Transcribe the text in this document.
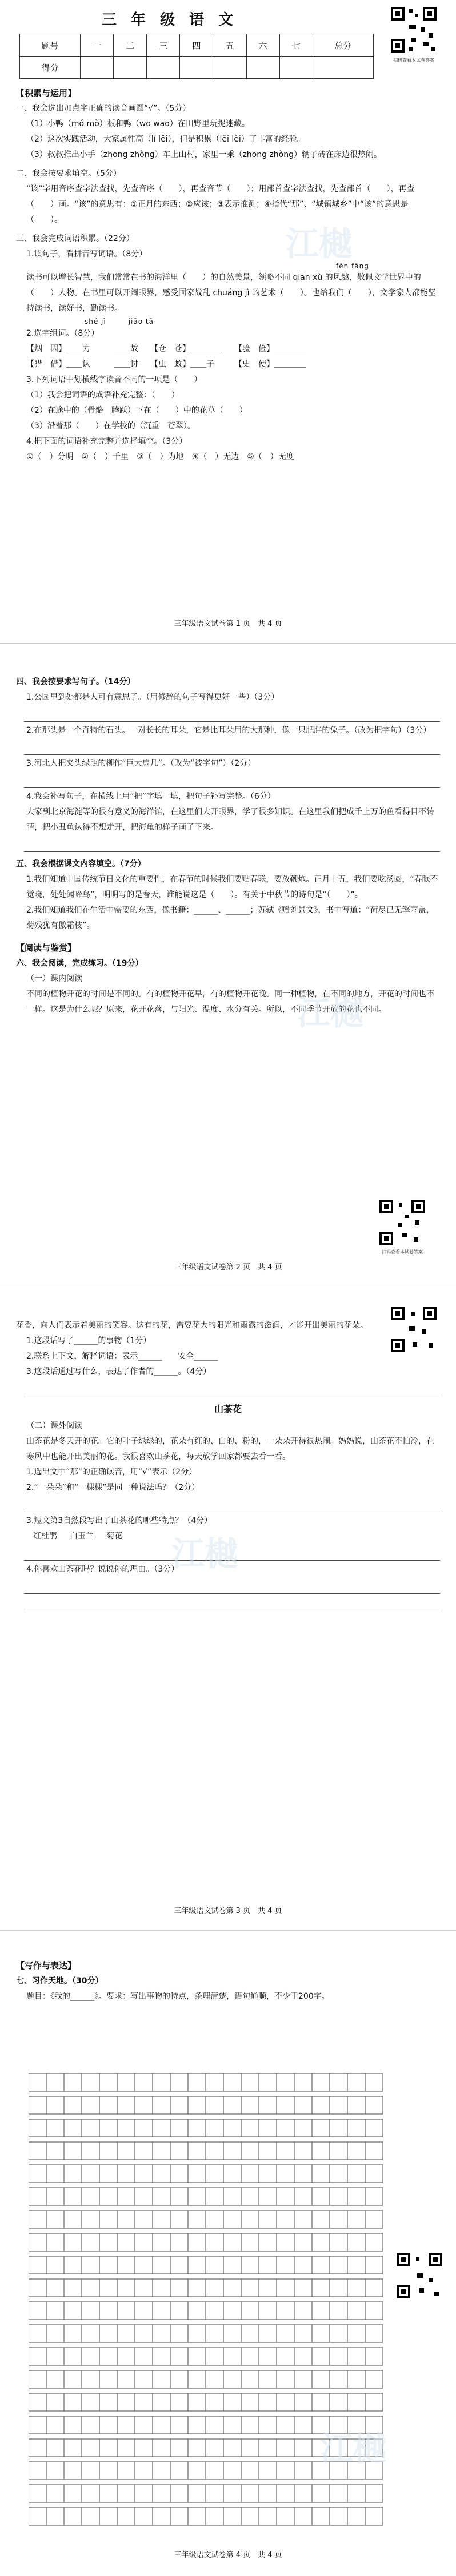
三 年 级 语 文
扫码查看本试卷答案
题号	一	二	三	四	五	六	七	总分
得分								
江樾
【积累与运用】

一、我会选出加点字正确的读音画圈“√”。（5分）

（1）小鸭（mó mò）板和鸭（wō wāo）在田野里玩捉迷藏。

（2）这次实践活动，大家属性高（lí lěi），但是积累（lěi lèi）了丰富的经验。

（3）叔叔推出小手（zhōng zhòng）车上山村，家里一乘（zhōng zhòng）辆子砖在床边很热闹。

二、我会按要求填空。（5分）

“该”字用音序查字法查找，先查音序（　　），再查音节（　　）；用部首查字法查找，先查部首（　　），再查（　　）画。“该”的意思有：①正月的东西；②应该；③表示推测；④指代“那”、“城镇城乡”中“该”的意思是（　　）。

三、我会完成词语积累。（22分）

1.读句子，看拼音写词语。（8分）

fēn fāng

读书可以增长智慧，我们常常在书的海洋里（　　）的自然美景，领略不同 qiān xù 的风趣，敬佩文学世界中的（　　）人物。在书里可以开阔眼界，感受国家战乱 chuáng jì 的艺术（　　）。也给我们（　　），文学家人都能坚持读书，读好书，勤读书。

shé jì　　　jiǎo tā

2.选字组词。（8分）

【烟　因】＿＿力　　　＿＿故　　【仓　苍】＿＿＿＿　　【验　俭】＿＿＿＿

【猎　借】＿＿认　　　＿＿讨　　【虫　蚊】＿＿子　　　【史　使】＿＿＿＿

3.下列词语中划横线字读音不同的一项是（　　）

（1）我会把词语的成语补充完整：（　　）

（2）在途中的（骨骼　腾跃）下在（　　）中的花草（　　）

（3）沿着那（　　）在学校的（沉重　苍翠）。

4.把下面的词语补充完整并选择填空。（3分）

①（　）分明　②（　）千里　③（　）为地　④（　）无边　⑤（　）无度

三年级语文试卷第 1 页　共 4 页

四、我会按要求写句子。（14分）

1.公园里到处都是人可有意思了。（用修辞的句子写得更好一些）（3分）

2.在那头是一个奇特的石头。一对长长的耳朵，它是比耳朵用的大那种，像一只肥胖的兔子。（改为把字句）（3分）

3.河北人把夹头绿照的柳作“巨大扇几”。（改为“被字句”）（2分）

4.我会补写句子，在横线上用“把”字填一填，把句子补写完整。（6分）

大家到北京海淀等的很有意义的海洋馆，在这里们大开眼界，学了很多知识。在这里我们把成千上万的鱼看得目不转睛，把小丑鱼认得不想走开，把海龟的样子画了下来。

江樾

五、我会根据课文内容填空。（7分）

1.我们知道中国传统节日文化的重要性，在春节的时候我们要贴春联，要放鞭炮。正月十五，我们要吃汤圆，“春眠不觉晓，处处闻啼鸟”，明明写的是春天，谁能说这是（　　）。有关于中秋节的诗句是“（　　）”。

2.我们知道我们在生活中需要的东西，像书籍：______、______；苏轼《赠刘景文》，书中写道：“荷尽已无擎雨盖，菊残犹有傲霜枝”。

【阅读与鉴赏】

六、我会阅读，完成练习。（19分）

（一）课内阅读

不同的植物开花的时间是不同的。有的植物开花早，有的植物开花晚。同一种植物，在不同的地方，开花的时间也不一样。这是为什么呢？原来，花开花落，与阳光、温度、水分有关。所以，不同季节开放的花也不同。

扫码查看本试卷答案
三年级语文试卷第 2 页　共 4 页

花香，向人们表示着美丽的笑容。这有的花，需要花大的阳光和雨露的滋润，才能开出美丽的花朵。

1.这段话写了______的事物（1分）

2.联系上下文，解释词语：表示______　　安全______

3.这段话通过写什么，表达了作者的______。（4分）

山茶花

（二）课外阅读

山茶花是冬天开的花。它的叶子绿绿的，花朵有红的、白的、粉的，一朵朵开得很热闹。妈妈说，山茶花不怕冷，在寒风中也能开出美丽的花。我很喜欢山茶花，每天放学回家都要去看一看。

江樾

1.选出文中“那”的正确读音，用“√”表示（2分）

2.“一朵朵”和“一棵棵”是同一种说法吗？（2分）

3.短文第3自然段写出了山茶花的哪些特点？（4分）

红杜鹃 白玉兰 菊花

4.你喜欢山茶花吗？说说你的理由。（3分）

三年级语文试卷第 3 页　共 4 页
【写作与表达】

七、习作天地。（30分）

题目：《我的______》。要求：写出事物的特点，条理清楚，语句通顺，不少于200字。

江樾
三年级语文试卷第 4 页　共 4 页
